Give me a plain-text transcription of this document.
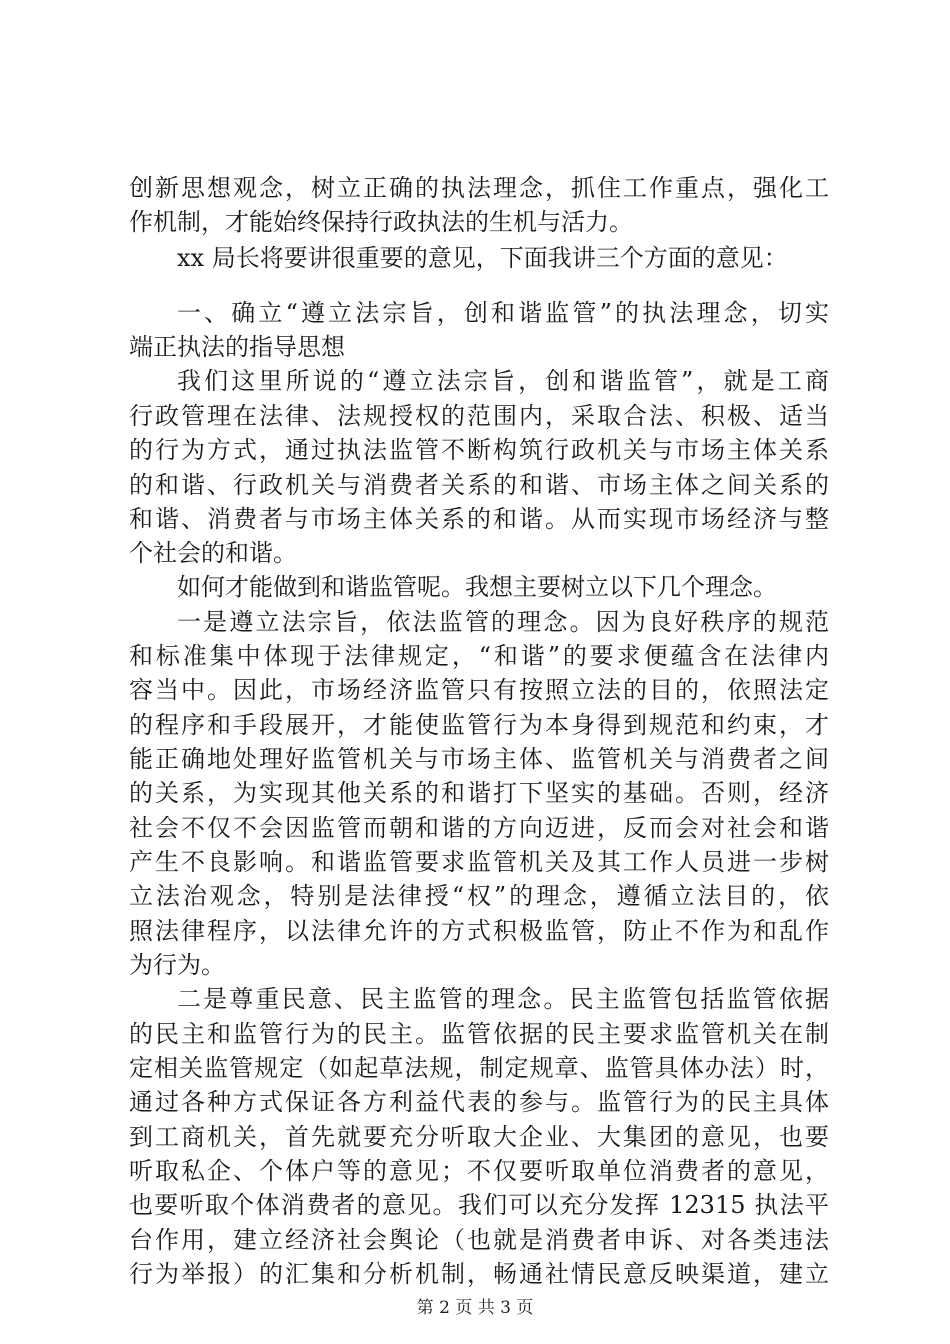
创新思想观念，树立正确的执法理念，抓住工作重点，强化工
作机制，才能始终保持行政执法的生机与活力。
xx 局长将要讲很重要的意见，下面我讲三个方面的意见：
一、确立“遵立法宗旨，创和谐监管”的执法理念，切实
端正执法的指导思想
我们这里所说的“遵立法宗旨，创和谐监管”，就是工商
行政管理在法律、法规授权的范围内，采取合法、积极、适当
的行为方式，通过执法监管不断构筑行政机关与市场主体关系
的和谐、行政机关与消费者关系的和谐、市场主体之间关系的
和谐、消费者与市场主体关系的和谐。从而实现市场经济与整
个社会的和谐。
如何才能做到和谐监管呢。我想主要树立以下几个理念。
一是遵立法宗旨，依法监管的理念。因为良好秩序的规范
和标准集中体现于法律规定，“和谐”的要求便蕴含在法律内
容当中。因此，市场经济监管只有按照立法的目的，依照法定
的程序和手段展开，才能使监管行为本身得到规范和约束，才
能正确地处理好监管机关与市场主体、监管机关与消费者之间
的关系，为实现其他关系的和谐打下坚实的基础。否则，经济
社会不仅不会因监管而朝和谐的方向迈进，反而会对社会和谐
产生不良影响。和谐监管要求监管机关及其工作人员进一步树
立法治观念，特别是法律授“权”的理念，遵循立法目的，依
照法律程序，以法律允许的方式积极监管，防止不作为和乱作
为行为。
二是尊重民意、民主监管的理念。民主监管包括监管依据
的民主和监管行为的民主。监管依据的民主要求监管机关在制
定相关监管规定（如起草法规，制定规章、监管具体办法）时，
通过各种方式保证各方利益代表的参与。监管行为的民主具体
到工商机关，首先就要充分听取大企业、大集团的意见，也要
听取私企、个体户等的意见；不仅要听取单位消费者的意见，
也要听取个体消费者的意见。我们可以充分发挥 12315 执法平
台作用，建立经济社会舆论（也就是消费者申诉、对各类违法
第 2 页 共 3 页
行为举报）的汇集和分析机制，畅通社情民意反映渠道，建立
